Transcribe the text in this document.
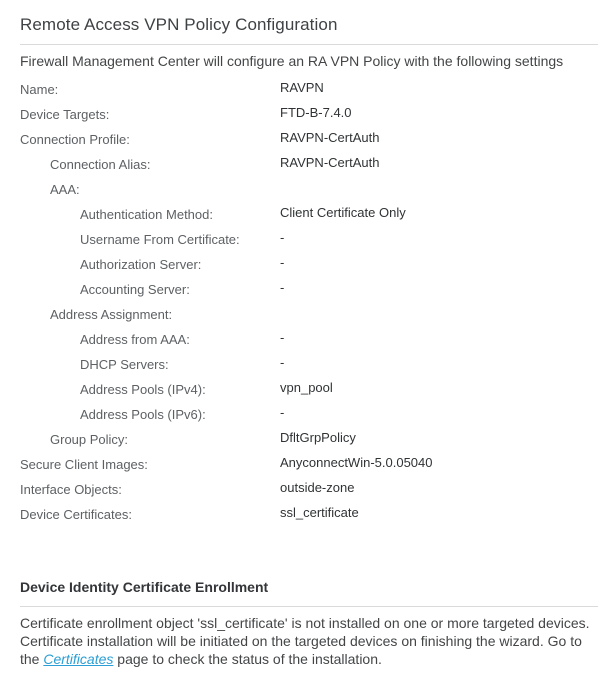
Remote Access VPN Policy Configuration

Firewall Management Center will configure an RA VPN Policy with the following settings

Name:	RAVPN
Device Targets:	FTD-B-7.4.0
Connection Profile:	RAVPN-CertAuth
Connection Alias:	RAVPN-CertAuth
AAA:
Authentication Method:	Client Certificate Only
Username From Certificate:	-
Authorization Server:	-
Accounting Server:	-
Address Assignment:
Address from AAA:	-
DHCP Servers:	-
Address Pools (IPv4):	vpn_pool
Address Pools (IPv6):	-
Group Policy:	DfltGrpPolicy
Secure Client Images:	AnyconnectWin-5.0.05040
Interface Objects:	outside-zone
Device Certificates:	ssl_certificate
Device Identity Certificate Enrollment

Certificate enrollment object 'ssl_certificate' is not installed on one or more targeted devices. Certificate installation will be initiated on the targeted devices on finishing the wizard. Go to the Certificates page to check the status of the installation.
